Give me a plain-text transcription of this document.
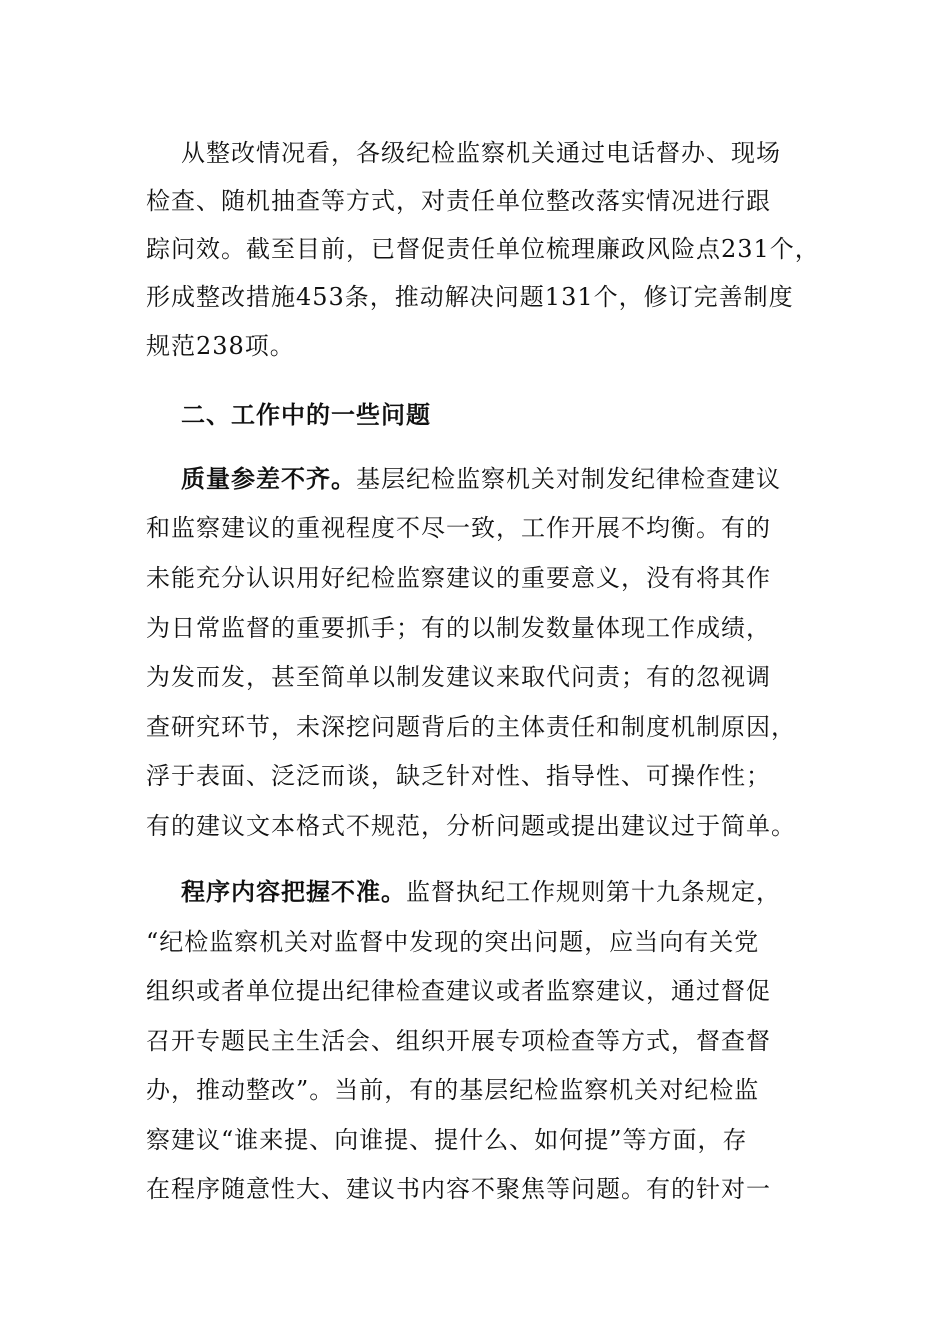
从整改情况看，各级纪检监察机关通过电话督办、现场
检查、随机抽查等方式，对责任单位整改落实情况进行跟
踪问效。截至目前，已督促责任单位梳理廉政风险点231个，
形成整改措施453条，推动解决问题131个，修订完善制度
规范238项。
二、工作中的一些问题
质量参差不齐。基层纪检监察机关对制发纪律检查建议
和监察建议的重视程度不尽一致，工作开展不均衡。有的
未能充分认识用好纪检监察建议的重要意义，没有将其作
为日常监督的重要抓手；有的以制发数量体现工作成绩，
为发而发，甚至简单以制发建议来取代问责；有的忽视调
查研究环节，未深挖问题背后的主体责任和制度机制原因，
浮于表面、泛泛而谈，缺乏针对性、指导性、可操作性；
有的建议文本格式不规范，分析问题或提出建议过于简单。
程序内容把握不准。监督执纪工作规则第十九条规定，
“纪检监察机关对监督中发现的突出问题，应当向有关党
组织或者单位提出纪律检查建议或者监察建议，通过督促
召开专题民主生活会、组织开展专项检查等方式，督查督
办，推动整改”。当前，有的基层纪检监察机关对纪检监
察建议“谁来提、向谁提、提什么、如何提”等方面，存
在程序随意性大、建议书内容不聚焦等问题。有的针对一
